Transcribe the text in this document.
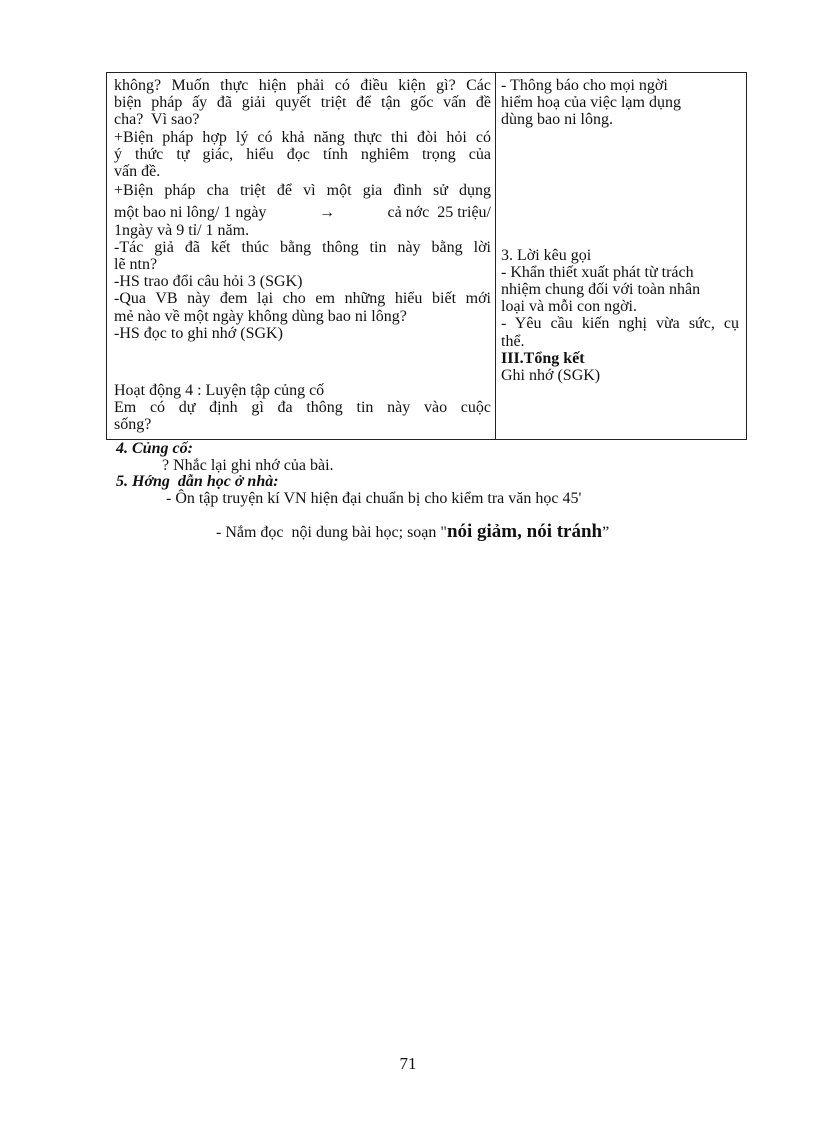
không? Muốn thực hiện phải có điều kiện gì? Các
biện pháp ấy đã giải quyết triệt để tận gốc vấn đề
cha?  Vì sao?
+Biện pháp hợp lý có khả năng thực thi đòi hỏi có
ý thức tự giác, hiểu đọc tính nghiêm trọng của
vấn đề.
+Biện pháp cha triệt để vì một gia đình sử dụng
một bao ni lông/ 1 ngày	→	cả nớc  25 triệu/
1ngày và 9 tỉ/ 1 năm.
-Tác giả đã kết thúc bằng thông tin này bằng lời
lẽ ntn?
-HS trao đổi câu hỏi 3 (SGK)
-Qua VB này đem lại cho em những hiểu biết mới
mẻ nào về một ngày không dùng bao ni lông?
-HS đọc to ghi nhớ (SGK)
Hoạt động 4 : Luyện tập củng cố
Em có dự định gì đa thông tin này vào cuộc
sống?
- Thông báo cho mọi ngời
hiểm hoạ của việc lạm dụng
dùng bao ni lông.
3. Lời kêu gọi
- Khẩn thiết xuất phát từ trách
nhiệm chung đối với toàn nhân
loại và mỗi con ngời.
- Yêu cầu kiến nghị vừa sức, cụ
thể.
III.Tổng kết
Ghi nhớ (SGK)
4. Củng cố:
? Nhắc lại ghi nhớ của bài.
5. Hớng  dẫn học ở nhà:
- Ôn tập truyện kí VN hiện đại chuẩn bị cho kiểm tra văn học 45'

- Nắm đọc  nội dung bài học; soạn "nói giảm, nói tránh”

71
